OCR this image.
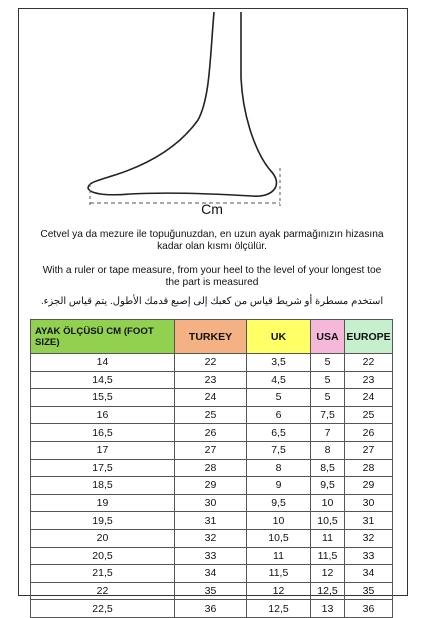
Cm
Cetvel ya da mezure ile topuğunuzdan, en uzun ayak parmağınızın hizasına kadar olan kısmı ölçülür.
With a ruler or tape measure, from your heel to the level of your longest toe the part is measured
استخدم مسطرة أو شريط قياس من كعبك إلى إصبع قدمك الأطول. يتم قياس الجزء.
AYAK ÖLÇÜSÜ CM (FOOT SIZE)	TURKEY	UK	USA	EUROPE
14	22	3,5	5	22
14,5	23	4,5	5	23
15,5	24	5	5	24
16	25	6	7,5	25
16,5	26	6,5	7	26
17	27	7,5	8	27
17,5	28	8	8,5	28
18,5	29	9	9,5	29
19	30	9,5	10	30
19,5	31	10	10,5	31
20	32	10,5	11	32
20,5	33	11	11,5	33
21,5	34	11,5	12	34
22	35	12	12,5	35
22,5	36	12,5	13	36
